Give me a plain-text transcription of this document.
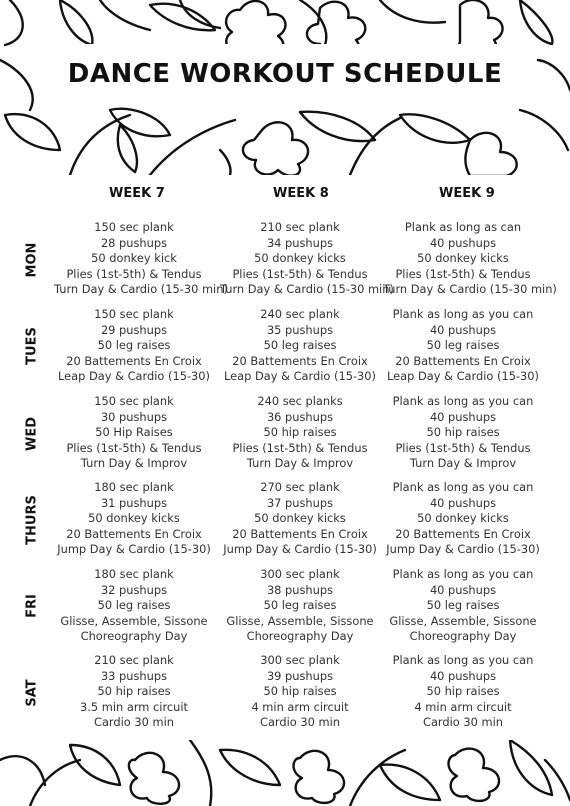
DANCE WORKOUT SCHEDULE
WEEK 7	WEEK 8	WEEK 9
MON
TUES
WED
THURS
FRI
SAT
150 sec plank
28 pushups
50 donkey kick
Plies (1st-5th) & Tendus
Turn Day & Cardio (15-30 min)
210 sec plank
34 pushups
50 donkey kicks
Plies (1st-5th) & Tendus
Turn Day & Cardio (15-30 min)
Plank as long as can
40 pushups
50 donkey kicks
Plies (1st-5th) & Tendus
Turn Day & Cardio (15-30 min)
150 sec plank
29 pushups
50 leg raises
20 Battements En Croix
Leap Day & Cardio (15-30)
240 sec plank
35 pushups
50 leg raises
20 Battements En Croix
Leap Day & Cardio (15-30)
Plank as long as you can
40 pushups
50 leg raises
20 Battements En Croix
Leap Day & Cardio (15-30)
150 sec plank
30 pushups
50 Hip Raises
Plies (1st-5th) & Tendus
Turn Day & Improv
240 sec planks
36 pushups
50 hip raises
Plies (1st-5th) & Tendus
Turn Day & Improv
Plank as long as you can
40 pushups
50 hip raises
Plies (1st-5th) & Tendus
Turn Day & Improv
180 sec plank
31 pushups
50 donkey kicks
20 Battements En Croix
Jump Day & Cardio (15-30)
270 sec plank
37 pushups
50 donkey kicks
20 Battements En Croix
Jump Day & Cardio (15-30)
Plank as long as you can
40 pushups
50 donkey kicks
20 Battements En Croix
Jump Day & Cardio (15-30)
180 sec plank
32 pushups
50 leg raises
Glisse, Assemble, Sissone
Choreography Day
300 sec plank
38 pushups
50 leg raises
Glisse, Assemble, Sissone
Choreography Day
Plank as long as you can
40 pushups
50 leg raises
Glisse, Assemble, Sissone
Choreography Day
210 sec plank
33 pushups
50 hip raises
3.5 min arm circuit
Cardio 30 min
300 sec plank
39 pushups
50 hip raises
4 min arm circuit
Cardio 30 min
Plank as long as you can
40 pushups
50 hip raises
4 min arm circuit
Cardio 30 min
